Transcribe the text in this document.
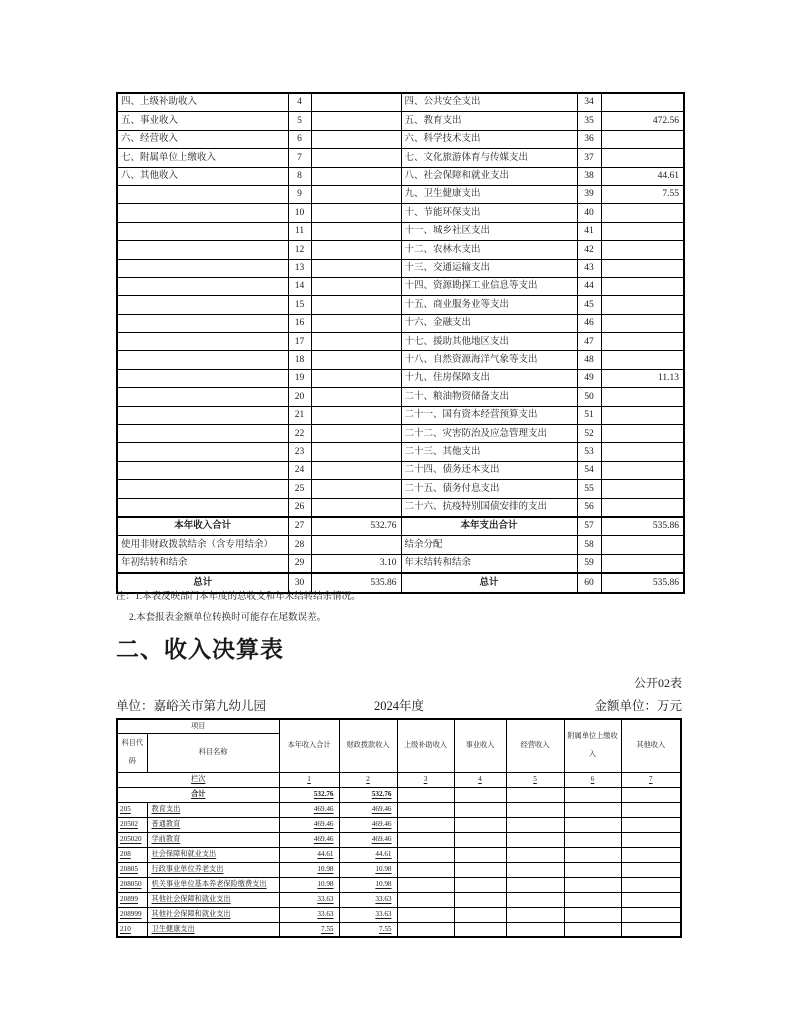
四、上级补助收入	4		四、公共安全支出	34	
五、事业收入	5		五、教育支出	35	472.56
六、经营收入	6		六、科学技术支出	36	
七、附属单位上缴收入	7		七、文化旅游体育与传媒支出	37	
八、其他收入	8		八、社会保障和就业支出	38	44.61
	9		九、卫生健康支出	39	7.55
	10		十、节能环保支出	40	
	11		十一、城乡社区支出	41	
	12		十二、农林水支出	42	
	13		十三、交通运输支出	43	
	14		十四、资源勘探工业信息等支出	44	
	15		十五、商业服务业等支出	45	
	16		十六、金融支出	46	
	17		十七、援助其他地区支出	47	
	18		十八、自然资源海洋气象等支出	48	
	19		十九、住房保障支出	49	11.13
	20		二十、粮油物资储备支出	50	
	21		二十一、国有资本经营预算支出	51	
	22		二十二、灾害防治及应急管理支出	52	
	23		二十三、其他支出	53	
	24		二十四、债务还本支出	54	
	25		二十五、债务付息支出	55	
	26		二十六、抗疫特别国债安排的支出	56	
本年收入合计	27	532.76	本年支出合计	57	535.86
使用非财政拨款结余（含专用结余）	28		结余分配	58	
年初结转和结余	29	3.10	年末结转和结余	59	
总计	30	535.86	总计	60	535.86
注：1.本表反映部门本年度的总收支和年末结转结余情况。
2.本套报表金额单位转换时可能存在尾数误差。
二、收入决算表
公开02表
单位：嘉峪关市第九幼儿园	2024年度	金额单位：万元
项目		本年收入合计	财政拨款收入	上级补助收入	事业收入	经营收入	附属单位上缴收入	其他收入
科目代码	科目名称							
栏次		1	2	3	4	5	6	7
合计		532.76	532.76					
205	教育支出	469.46	469.46					
20502	普通教育	469.46	469.46					
205020	学前教育	469.46	469.46					
208	社会保障和就业支出	44.61	44.61					
20805	行政事业单位养老支出	10.98	10.98					
208050	机关事业单位基本养老保险缴费支出	10.98	10.98					
20899	其他社会保障和就业支出	33.63	33.63					
208999	其他社会保障和就业支出	33.63	33.63					
210	卫生健康支出	7.55	7.55					
